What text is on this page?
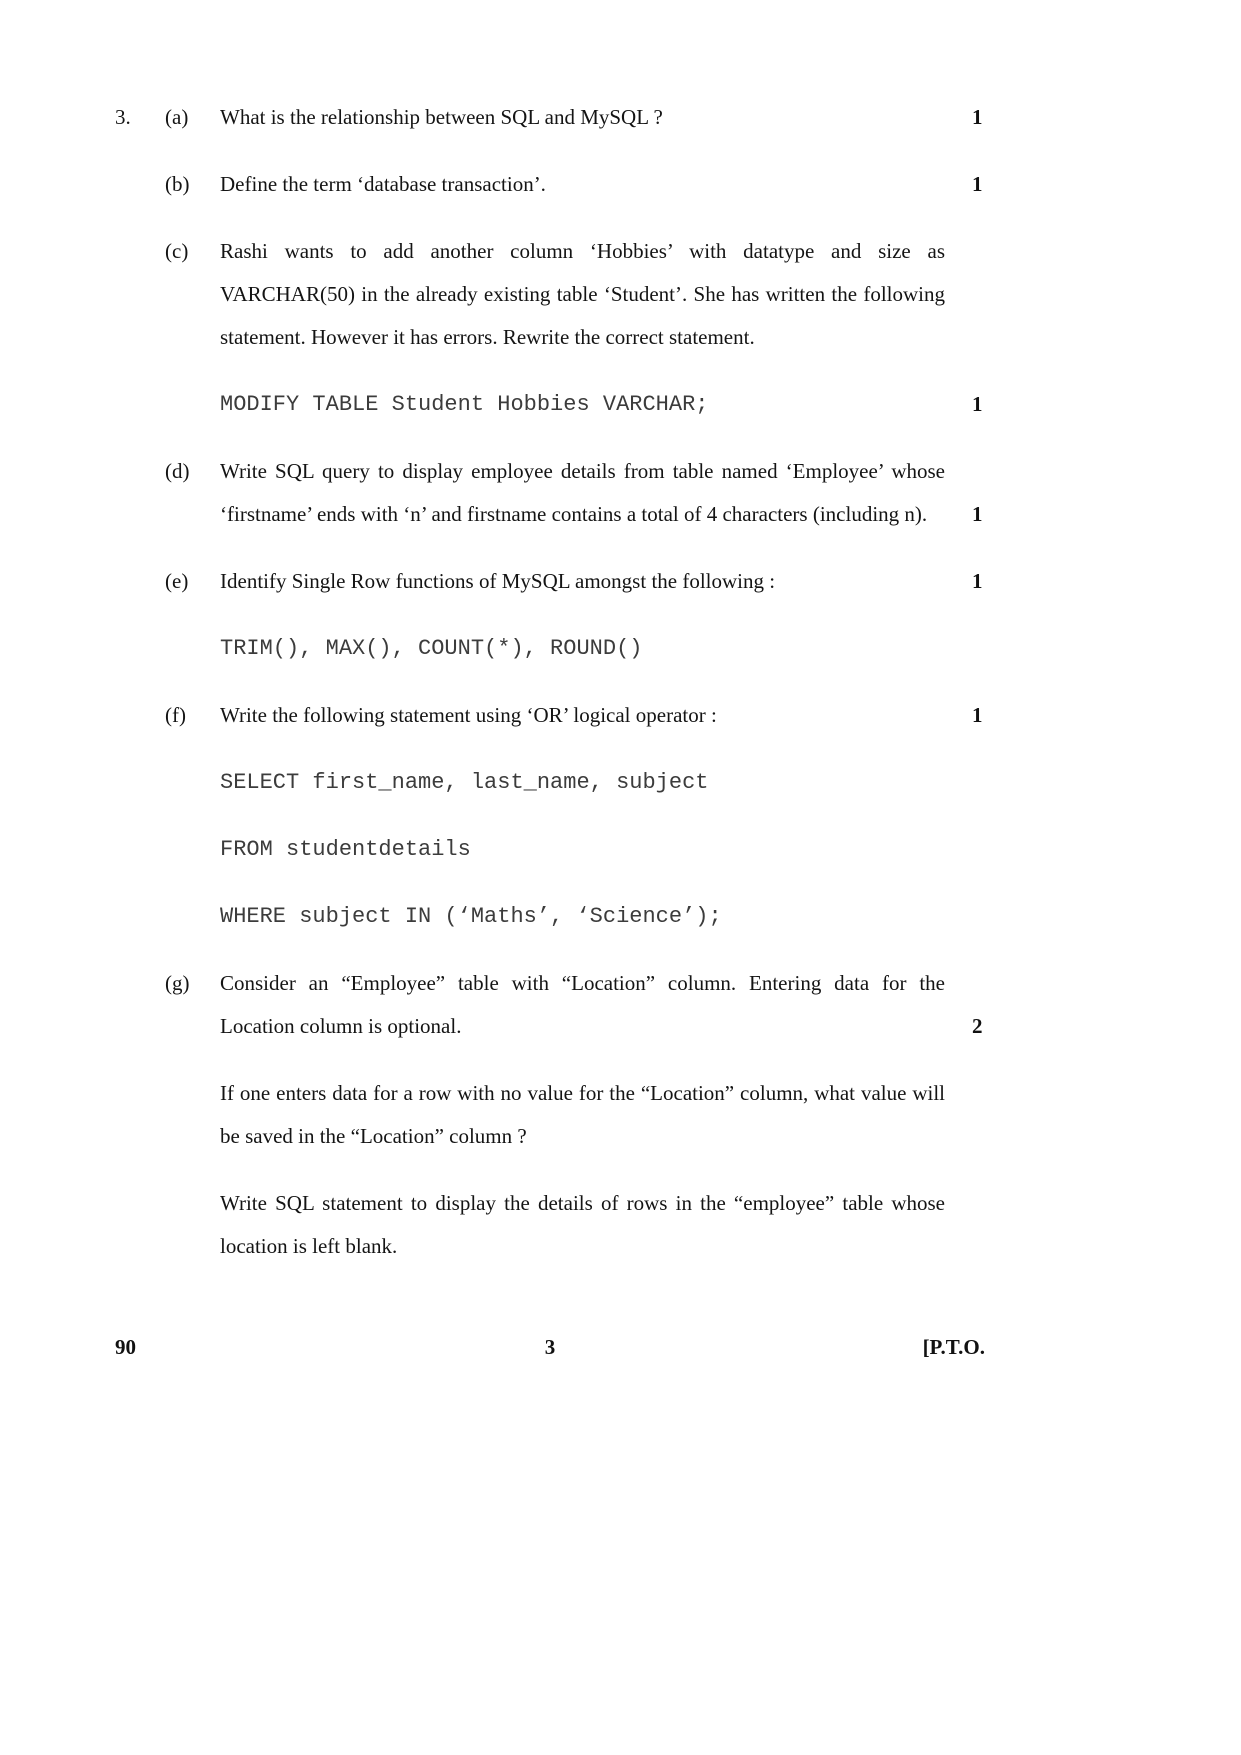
3.	(a)	What is the relationship between SQL and MySQL ?	1
(b)	Define the term ‘database transaction’.	1
(c)	Rashi wants to add another column ‘Hobbies’ with datatype and size as VARCHAR(50) in the already existing table ‘Student’. She has written the following statement. However it has errors. Rewrite the correct statement.
MODIFY TABLE Student Hobbies VARCHAR;	1
(d)	Write SQL query to display employee details from table named ‘Employee’ whose ‘firstname’ ends with ‘n’ and firstname contains a total of 4 characters (including n).	1
(e)	Identify Single Row functions of MySQL amongst the following :	1
TRIM(), MAX(), COUNT(*), ROUND()
(f)	Write the following statement using ‘OR’ logical operator :	1
SELECT first_name, last_name, subject
FROM studentdetails
WHERE subject IN (‘Maths’, ‘Science’);
(g)	Consider an “Employee” table with “Location” column. Entering data for the Location column is optional.	2
If one enters data for a row with no value for the “Location” column, what value will be saved in the “Location” column ?
Write SQL statement to display the details of rows in the “employee” table whose location is left blank.
90	3	[P.T.O.
